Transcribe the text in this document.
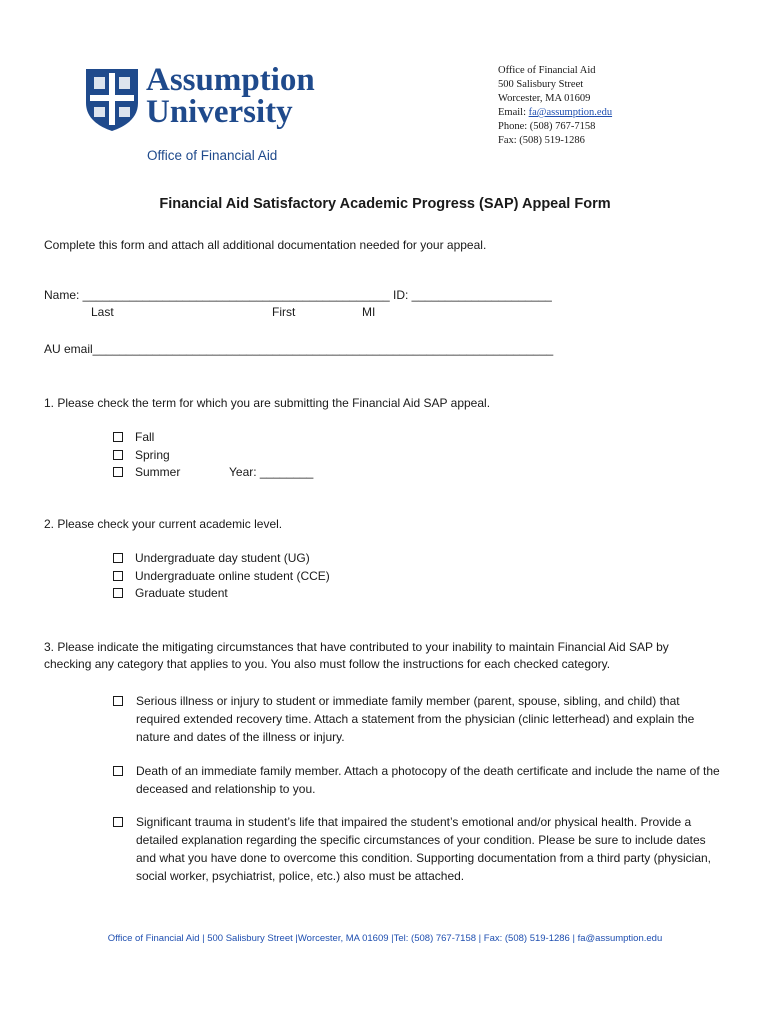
Assumption
University
Office of Financial Aid
Office of Financial Aid
500 Salisbury Street
Worcester, MA 01609
Email: fa@assumption.edu
Phone: (508) 767-7158
Fax: (508) 519-1286
Financial Aid Satisfactory Academic Progress (SAP) Appeal Form
Complete this form and attach all additional documentation needed for your appeal.
Name: ______________________________________________ ID: _____________________
Last	First	MI
AU email_____________________________________________________________________
1. Please check the term for which you are submitting the Financial Aid SAP appeal.
Fall
Spring
Summer	Year: ________
2. Please check your current academic level.
Undergraduate day student (UG)
Undergraduate online student (CCE)
Graduate student
3. Please indicate the mitigating circumstances that have contributed to your inability to maintain Financial Aid SAP by
checking any category that applies to you. You also must follow the instructions for each checked category.
Serious illness or injury to student or immediate family member (parent, spouse, sibling, and child) that required extended recovery time. Attach a statement from the physician (clinic letterhead) and explain the nature and dates of the illness or injury.
Death of an immediate family member. Attach a photocopy of the death certificate and include the name of the deceased and relationship to you.
Significant trauma in student’s life that impaired the student’s emotional and/or physical health. Provide a detailed explanation regarding the specific circumstances of your condition. Please be sure to include dates and what you have done to overcome this condition. Supporting documentation from a third party (physician, social worker, psychiatrist, police, etc.) also must be attached.
Office of Financial Aid | 500 Salisbury Street |Worcester, MA 01609 |Tel: (508) 767-7158 | Fax: (508) 519-1286 | fa@assumption.edu
